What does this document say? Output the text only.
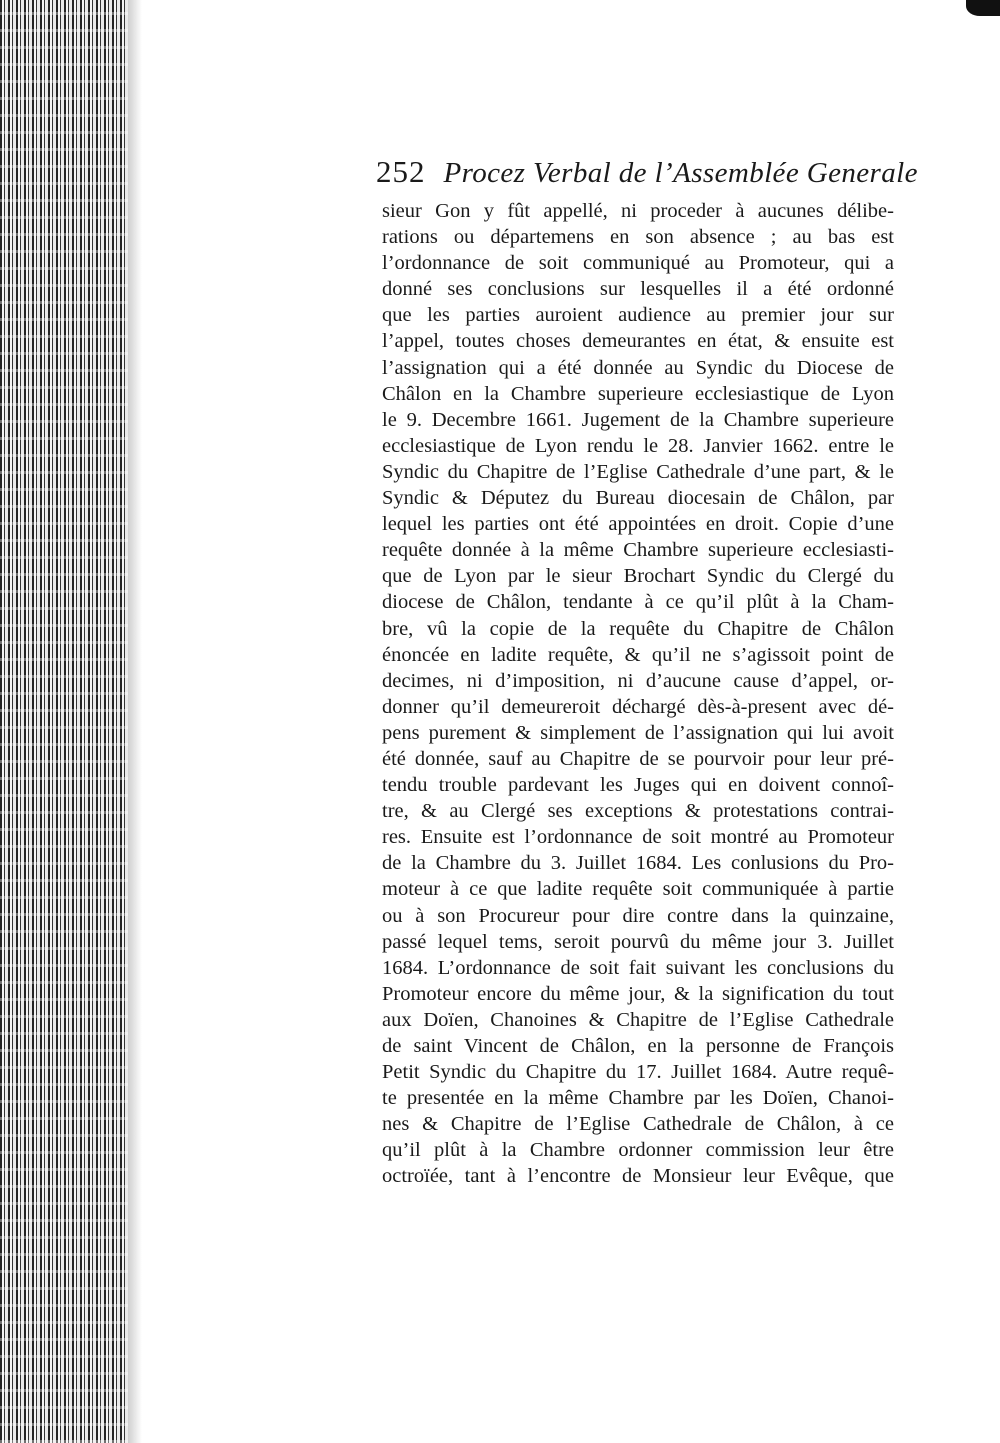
252 Procez Verbal de l’Assemblée Generale
sieur Gon y fût appellé, ni proceder à aucunes délibe-
rations ou départemens en son absence ; au bas est
l’ordonnance de soit communiqué au Promoteur, qui a
donné ses conclusions sur lesquelles il a été ordonné
que les parties auroient audience au premier jour sur
l’appel, toutes choses demeurantes en état, & ensuite est
l’assignation qui a été donnée au Syndic du Diocese de
Châlon en la Chambre superieure ecclesiastique de Lyon
le 9. Decembre 1661. Jugement de la Chambre superieure
ecclesiastique de Lyon rendu le 28. Janvier 1662. entre le
Syndic du Chapitre de l’Eglise Cathedrale d’une part, & le
Syndic & Députez du Bureau diocesain de Châlon, par
lequel les parties ont été appointées en droit. Copie d’une
requête donnée à la même Chambre superieure ecclesiasti-
que de Lyon par le sieur Brochart Syndic du Clergé du
diocese de Châlon, tendante à ce qu’il plût à la Cham-
bre, vû la copie de la requête du Chapitre de Châlon
énoncée en ladite requête, & qu’il ne s’agissoit point de
decimes, ni d’imposition, ni d’aucune cause d’appel, or-
donner qu’il demeureroit déchargé dès-à-present avec dé-
pens purement & simplement de l’assignation qui lui avoit
été donnée, sauf au Chapitre de se pourvoir pour leur pré-
tendu trouble pardevant les Juges qui en doivent connoî-
tre, & au Clergé ses exceptions & protestations contrai-
res. Ensuite est l’ordonnance de soit montré au Promoteur
de la Chambre du 3. Juillet 1684. Les conlusions du Pro-
moteur à ce que ladite requête soit communiquée à partie
ou à son Procureur pour dire contre dans la quinzaine,
passé lequel tems, seroit pourvû du même jour 3. Juillet
1684. L’ordonnance de soit fait suivant les conclusions du
Promoteur encore du même jour, & la signification du tout
aux Doïen, Chanoines & Chapitre de l’Eglise Cathedrale
de saint Vincent de Châlon, en la personne de François
Petit Syndic du Chapitre du 17. Juillet 1684. Autre requê-
te presentée en la même Chambre par les Doïen, Chanoi-
nes & Chapitre de l’Eglise Cathedrale de Châlon, à ce
qu’il plût à la Chambre ordonner commission leur être
octroïée, tant à l’encontre de Monsieur leur Evêque, que
